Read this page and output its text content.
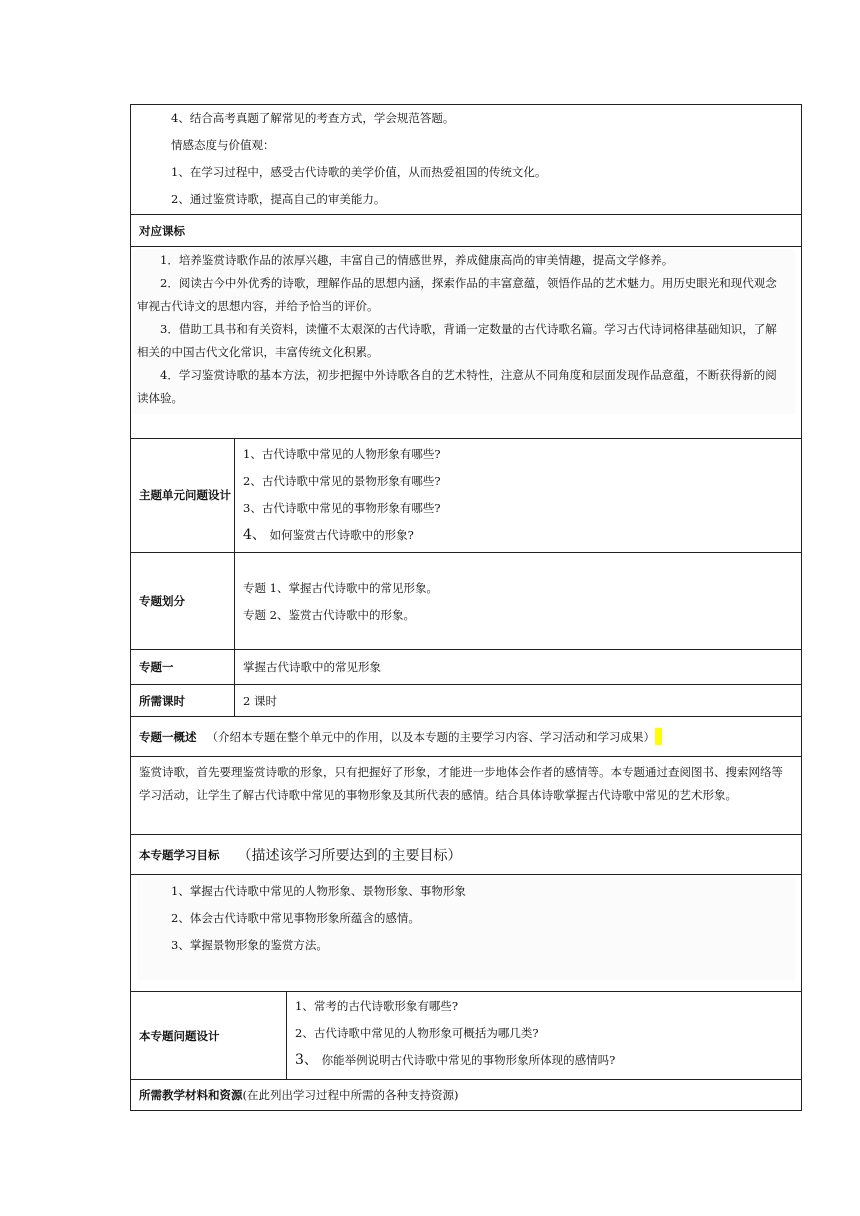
4、结合高考真题了解常见的考查方式，学会规范答题。

情感态度与价值观：

1、在学习过程中，感受古代诗歌的美学价值，从而热爱祖国的传统文化。

2、通过鉴赏诗歌，提高自己的审美能力。

对应课标

1．培养鉴赏诗歌作品的浓厚兴趣，丰富自己的情感世界，养成健康高尚的审美情趣，提高文学修养。

2．阅读古今中外优秀的诗歌，理解作品的思想内涵，探索作品的丰富意蕴，领悟作品的艺术魅力。用历史眼光和现代观念审视古代诗文的思想内容，并给予恰当的评价。

3．借助工具书和有关资料，读懂不太艰深的古代诗歌，背诵一定数量的古代诗歌名篇。学习古代诗词格律基础知识，了解相关的中国古代文化常识，丰富传统文化积累。

4．学习鉴赏诗歌的基本方法，初步把握中外诗歌各自的艺术特性，注意从不同角度和层面发现作品意蕴，不断获得新的阅读体验。

主题单元问题设计

1、古代诗歌中常见的人物形象有哪些?

2、古代诗歌中常见的景物形象有哪些?

3、古代诗歌中常见的事物形象有哪些?

4、 如何鉴赏古代诗歌中的形象?

专题划分

专题 1、掌握古代诗歌中的常见形象。

专题 2、鉴赏古代诗歌中的形象。

专题一	掌握古代诗歌中的常见形象
所需课时	2 课时
专题一概述 （介绍本专题在整个单元中的作用，以及本专题的主要学习内容、学习活动和学习成果）

鉴赏诗歌，首先要理鉴赏诗歌的形象，只有把握好了形象，才能进一步地体会作者的感情等。本专题通过查阅图书、搜索网络等学习活动，让学生了解古代诗歌中常见的事物形象及其所代表的感情。结合具体诗歌掌握古代诗歌中常见的艺术形象。

本专题学习目标 （描述该学习所要达到的主要目标）

1、掌握古代诗歌中常见的人物形象、景物形象、事物形象

2、体会古代诗歌中常见事物形象所蕴含的感情。

3、掌握景物形象的鉴赏方法。

本专题问题设计

1、常考的古代诗歌形象有哪些?

2、古代诗歌中常见的人物形象可概括为哪几类?

3、 你能举例说明古代诗歌中常见的事物形象所体现的感情吗?

所需教学材料和资源 (在此列出学习过程中所需的各种支持资源)
